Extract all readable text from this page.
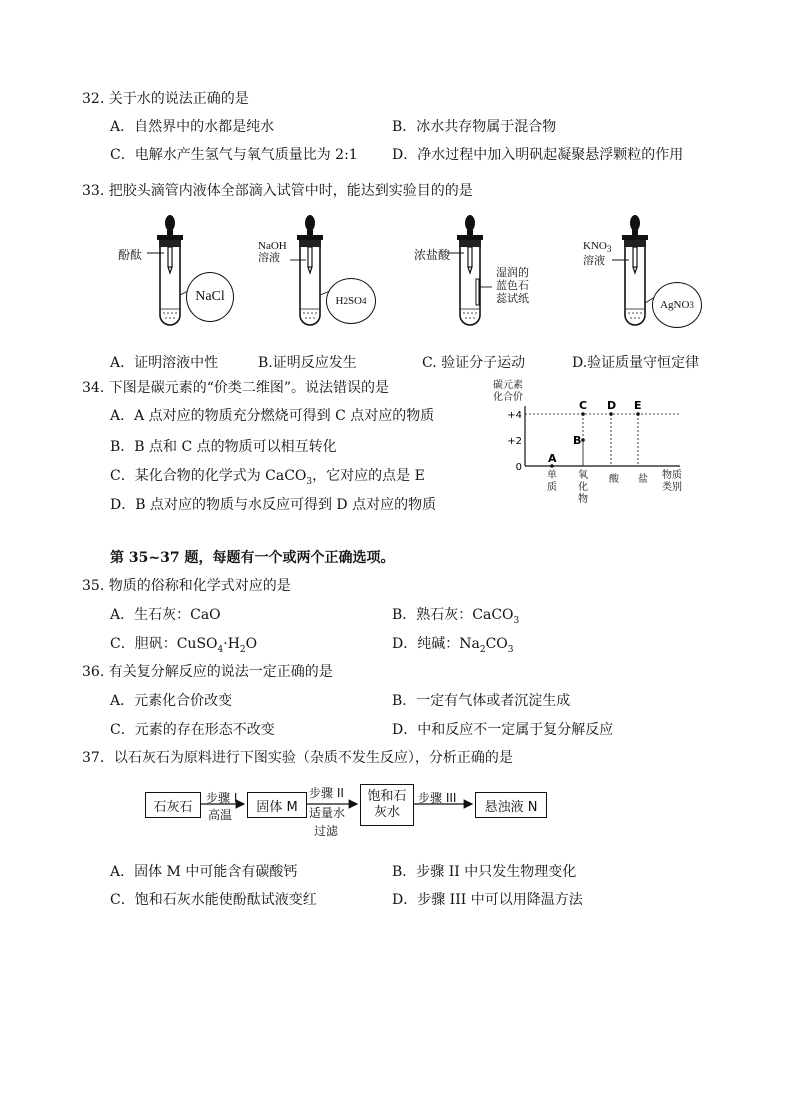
32. 关于水的说法正确的是
A．自然界中的水都是纯水	B．冰水共存物属于混合物
C．电解水产生氢气与氧气质量比为 2:1 D．净水过程中加入明矾起凝聚悬浮颗粒的作用
33. 把胶头滴管内液体全部滴入试管中时，能达到实验目的的是
酚酞
NaCl
NaOH
溶液
H 2 SO 4
浓盐酸
湿润的
蓝色石
蕊试纸
$KNO_3$
溶液
AgNO 3
A．证明溶液中性	B.证明反应发生	C. 验证分子运动	D.验证质量守恒定律
34. 下图是碳元素的“价类二维图”。说法错误的是
A．A 点对应的物质充分燃烧可得到 C 点对应的物质
B．B 点和 C 点的物质可以相互转化
C．某化合物的化学式为 CaCO$_3$，它对应的点是 E
D．B 点对应的物质与水反应可得到 D 点对应的物质
+4
+2
0
A
B
C D E
碳元素
化合价
物质
类别
单
质
氧
化
物
酸 盐
第 35~37 题，每题有一个或两个正确选项。
35. 物质的俗称和化学式对应的是
A．生石灰：CaO	B．熟石灰：CaCO$_3$
C．胆矾：$CuSO_4\cdot H_2O$	D．纯碱：$Na_2CO_3$
36. 有关复分解反应的说法一定正确的是
A．元素化合价改变	B．一定有气体或者沉淀生成
C．元素的存在形态不改变	D．中和反应不一定属于复分解反应
37．以石灰石为原料进行下图实验（杂质不发生反应），分析正确的是
石灰石
步骤 I
高温
固体 M
步骤 II
适量水
过滤
饱和石
灰水
步骤 III
悬浊液 N
A．固体 M 中可能含有碳酸钙	B．步骤 II 中只发生物理变化
C．饱和石灰水能使酚酞试液变红	D．步骤 III 中可以用降温方法
